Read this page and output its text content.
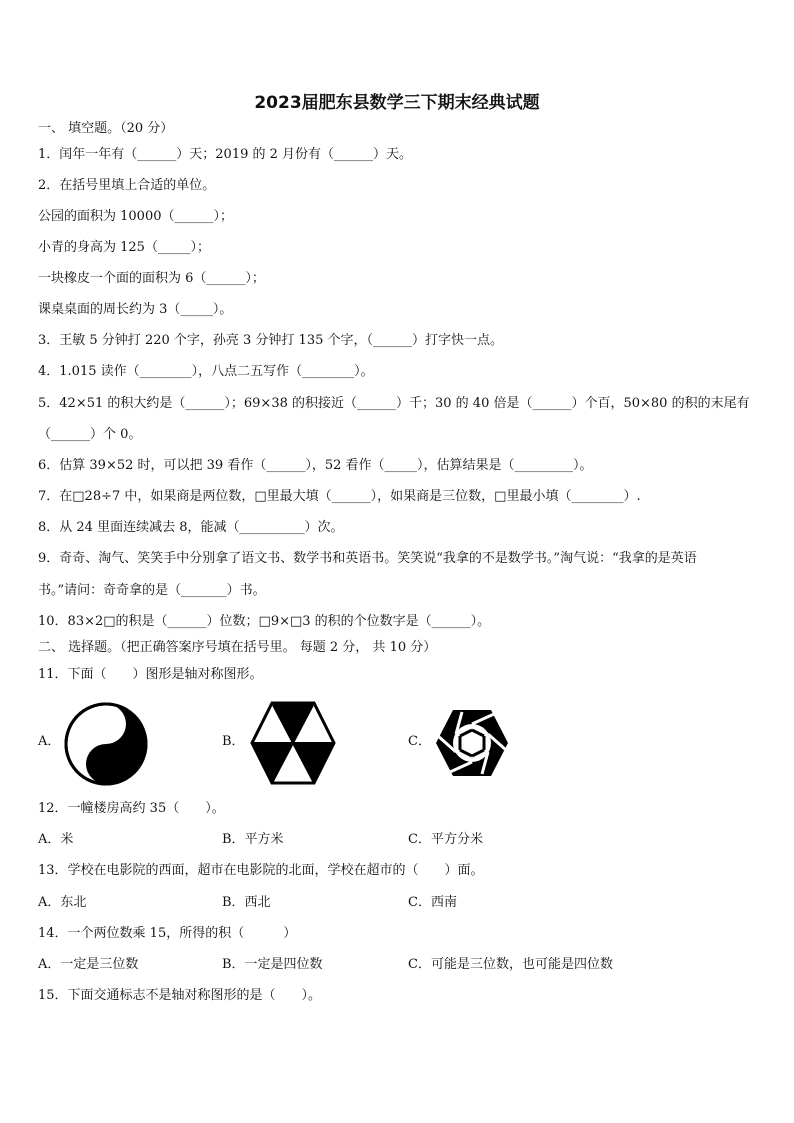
2023届肥东县数学三下期末经典试题
一、 填空题。（20 分）
1．闰年一年有（______）天；2019 的 2 月份有（______）天。
2．在括号里填上合适的单位。
公园的面积为 10000（______）；
小青的身高为 125（_____）；
一块橡皮一个面的面积为 6（______）；
课桌桌面的周长约为 3（_____）。
3．王敏 5 分钟打 220 个字，孙亮 3 分钟打 135 个字，（______）打字快一点。
4．1.015 读作（________），八点二五写作（________）。
5．42×51 的积大约是（______）；69×38 的积接近（______）千；30 的 40 倍是（______）个百，50×80 的积的末尾有
（______）个 0。
6．估算 39×52 时，可以把 39 看作（______），52 看作（_____），估算结果是（_________）。
7．在□28÷7 中，如果商是两位数，□里最大填（______），如果商是三位数，□里最小填（________）.
8．从 24 里面连续减去 8，能减（__________）次。
9．奇奇、淘气、笑笑手中分别拿了语文书、数学书和英语书。笑笑说“我拿的不是数学书。”淘气说：“我拿的是英语
书。”请问：奇奇拿的是（_______）书。
10．83×2□的积是（______）位数；□9×□3 的积的个位数字是（______）。
二、 选择题。（把正确答案序号填在括号里。 每题 2 分， 共 10 分）
11．下面（　　）图形是轴对称图形。
A．	B．	C．
12．一幢楼房高约 35（　　）。
A．米	B．平方米	C．平方分米
13．学校在电影院的西面，超市在电影院的北面，学校在超市的（　　）面。
A．东北	B．西北	C．西南
14．一个两位数乘 15，所得的积（　　　）
A．一定是三位数	B．一定是四位数	C．可能是三位数，也可能是四位数
15．下面交通标志不是轴对称图形的是（　　）。
